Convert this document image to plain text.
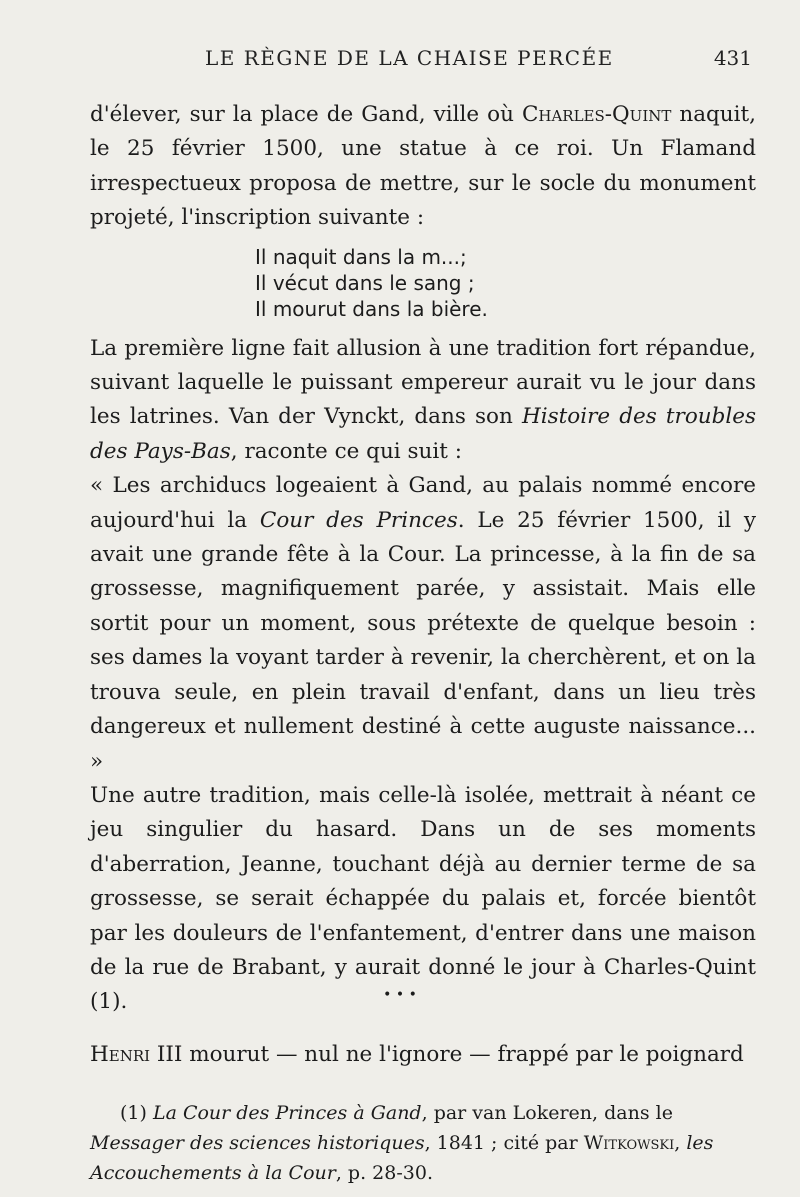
LE RÈGNE DE LA CHAISE PERCÉE	431

d'élever, sur la place de Gand, ville où Charles-Quint naquit, le 25 février 1500, une statue à ce roi. Un Flamand irrespectueux proposa de mettre, sur le socle du monument projeté, l'inscription suivante :

Il naquit dans la m...;
Il vécut dans le sang ;
Il mourut dans la bière.

La première ligne fait allusion à une tradition fort répandue, suivant laquelle le puissant empereur aurait vu le jour dans les latrines. Van der Vynckt, dans son Histoire des troubles des Pays-Bas, raconte ce qui suit :

« Les archiducs logeaient à Gand, au palais nommé encore aujourd'hui la Cour des Princes. Le 25 février 1500, il y avait une grande fête à la Cour. La princesse, à la fin de sa grossesse, magnifiquement parée, y assistait. Mais elle sortit pour un moment, sous prétexte de quelque besoin : ses dames la voyant tarder à revenir, la cherchèrent, et on la trouva seule, en plein travail d'enfant, dans un lieu très dangereux et nullement destiné à cette auguste naissance... »

Une autre tradition, mais celle-là isolée, mettrait à néant ce jeu singulier du hasard. Dans un de ses moments d'aberration, Jeanne, touchant déjà au dernier terme de sa grossesse, se serait échappée du palais et, forcée bientôt par les douleurs de l'enfantement, d'entrer dans une maison de la rue de Brabant, y aurait donné le jour à Charles-Quint (1).	• • •
Henri III mourut — nul ne l'ignore — frappé par le poignard

(1) La Cour des Princes à Gand, par van Lokeren, dans le Messager des sciences historiques, 1841 ; cité par Witkowski, les Accouchements à la Cour, p. 28-30.
